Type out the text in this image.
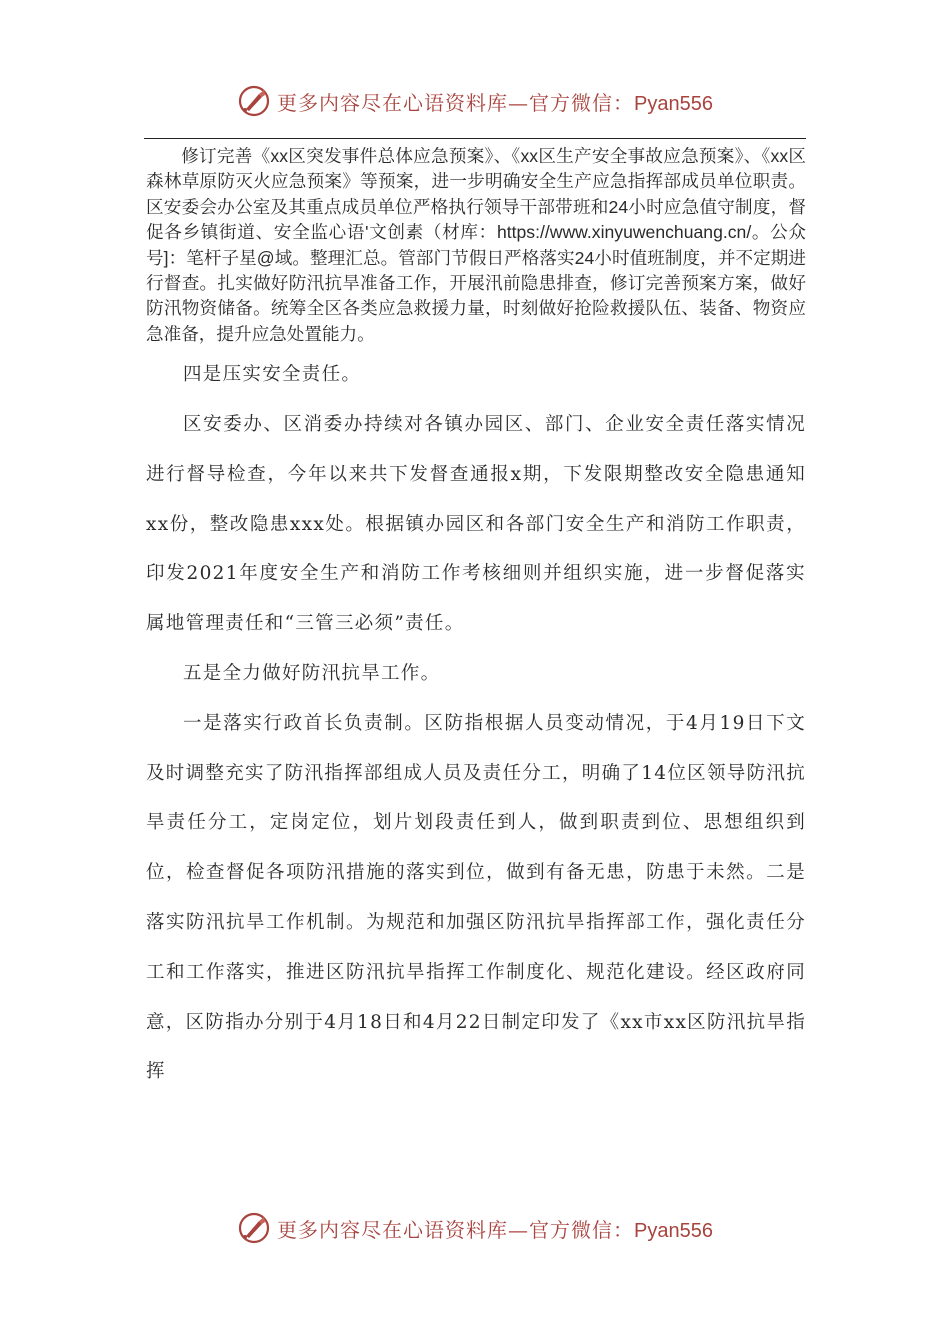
更多内容尽在心语资料库—官方微信：Pyan556

修订完善《xx区突发事件总体应急预案》、《xx区生产安全事故应急预案》、《xx区森林草原防灭火应急预案》等预案，进一步明确安全生产应急指挥部成员单位职责。区安委会办公室及其重点成员单位严格执行领导干部带班和24小时应急值守制度，督促各乡镇街道、安全监心语'文创素（材库：https://www.xinyuwenchuang.cn/。公众号]：笔杆子星@域。整理汇总。管部门节假日严格落实24小时值班制度，并不定期进行督查。扎实做好防汛抗旱准备工作，开展汛前隐患排查，修订完善预案方案，做好防汛物资储备。统筹全区各类应急救援力量，时刻做好抢险救援队伍、装备、物资应急准备，提升应急处置能力。

四是压实安全责任。

区安委办、区消委办持续对各镇办园区、部门、企业安全责任落实情况进行督导检查，今年以来共下发督查通报x期，下发限期整改安全隐患通知xx份，整改隐患xxx处。根据镇办园区和各部门安全生产和消防工作职责，印发2021年度安全生产和消防工作考核细则并组织实施，进一步督促落实属地管理责任和“三管三必须”责任。

五是全力做好防汛抗旱工作。

一是落实行政首长负责制。区防指根据人员变动情况，于4月19日下文及时调整充实了防汛指挥部组成人员及责任分工，明确了14位区领导防汛抗旱责任分工，定岗定位，划片划段责任到人，做到职责到位、思想组织到位，检查督促各项防汛措施的落实到位，做到有备无患，防患于未然。二是落实防汛抗旱工作机制。为规范和加强区防汛抗旱指挥部工作，强化责任分工和工作落实，推进区防汛抗旱指挥工作制度化、规范化建设。经区政府同意，区防指办分别于4月18日和4月22日制定印发了《xx市xx区防汛抗旱指挥

更多内容尽在心语资料库—官方微信：Pyan556
